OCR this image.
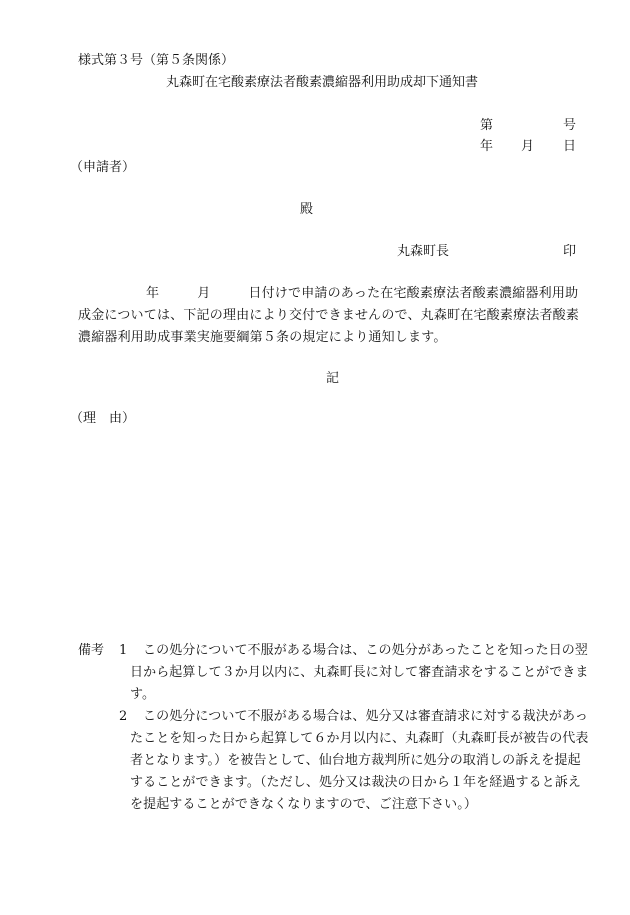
様式第３号（第５条関係）
丸森町在宅酸素療法者酸素濃縮器利用助成却下通知書
第	号
年 月 日
（申請者）
殿
丸森町長	印
年	月	日付けで申請のあった在宅酸素療法者酸素濃縮器利用助成金については、下記の理由により交付できませんので、丸森町在宅酸素療法者酸素濃縮器利用助成事業実施要綱第５条の規定により通知します。
記
（理　由）
備考 1	この処分について不服がある場合は、この処分があったことを知った日の翌日から起算して３か月以内に、丸森町長に対して審査請求をすることができます。
2	この処分について不服がある場合は、処分又は審査請求に対する裁決があったことを知った日から起算して６か月以内に、丸森町（丸森町長が被告の代表者となります。）を被告として、仙台地方裁判所に処分の取消しの訴えを提起することができます。（ただし、処分又は裁決の日から１年を経過すると訴えを提起することができなくなりますので、ご注意下さい。）
